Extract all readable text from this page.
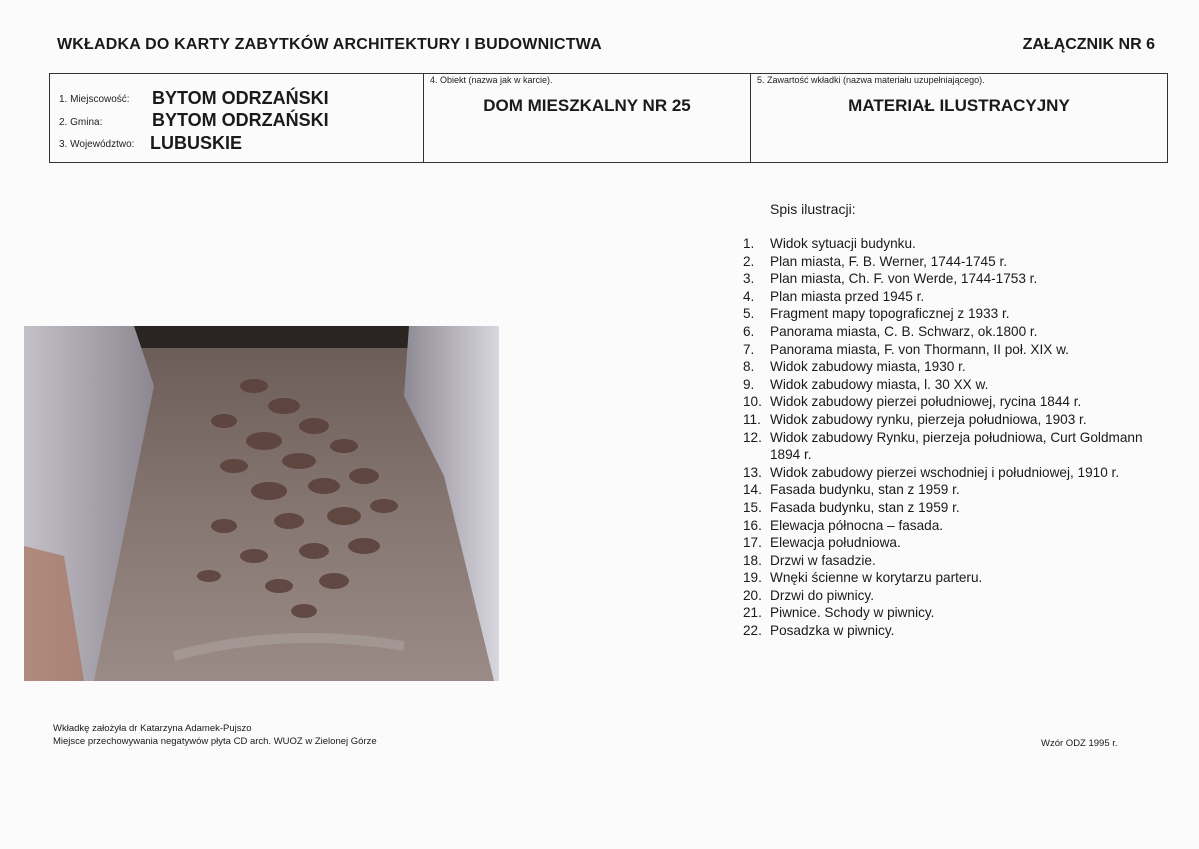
WKŁADKA DO KARTY ZABYTKÓW ARCHITEKTURY I BUDOWNICTWA	ZAŁĄCZNIK NR 6
1. Miejscowość: BYTOM ODRZAŃSKI
2. Gmina:	BYTOM ODRZAŃSKI
3. Województwo: LUBUSKIE
4. Obiekt (nazwa jak w karcie).
DOM MIESZKALNY NR 25
5. Zawartość wkładki (nazwa materiału uzupełniającego).
MATERIAŁ ILUSTRACYJNY
Spis ilustracji:
1.	Widok sytuacji budynku.
2.	Plan miasta, F. B. Werner, 1744-1745 r.
3.	Plan miasta, Ch. F. von Werde, 1744-1753 r.
4.	Plan miasta przed 1945 r.
5.	Fragment mapy topograficznej z 1933 r.
6.	Panorama miasta, C. B. Schwarz, ok.1800 r.
7.	Panorama miasta, F. von Thormann, II poł. XIX w.
8.	Widok zabudowy miasta, 1930 r.
9.	Widok zabudowy miasta, l. 30 XX w.
10. Widok zabudowy pierzei południowej, rycina 1844 r.
11. Widok zabudowy rynku, pierzeja południowa, 1903 r.
12. Widok zabudowy Rynku, pierzeja południowa, Curt Goldmann 1894 r.
13. Widok zabudowy pierzei wschodniej i południowej, 1910 r.
14. Fasada budynku, stan z 1959 r.
15. Fasada budynku, stan z 1959 r.
16. Elewacja północna – fasada.
17. Elewacja południowa.
18. Drzwi w fasadzie.
19. Wnęki ścienne w korytarzu parteru.
20. Drzwi do piwnicy.
21. Piwnice. Schody w piwnicy.
22. Posadzka w piwnicy.
Wkładkę założyła dr Katarzyna Adamek-Pujszo
Miejsce przechowywania negatywów płyta CD arch. WUOZ w Zielonej Górze	Wzór ODZ 1995 r.
